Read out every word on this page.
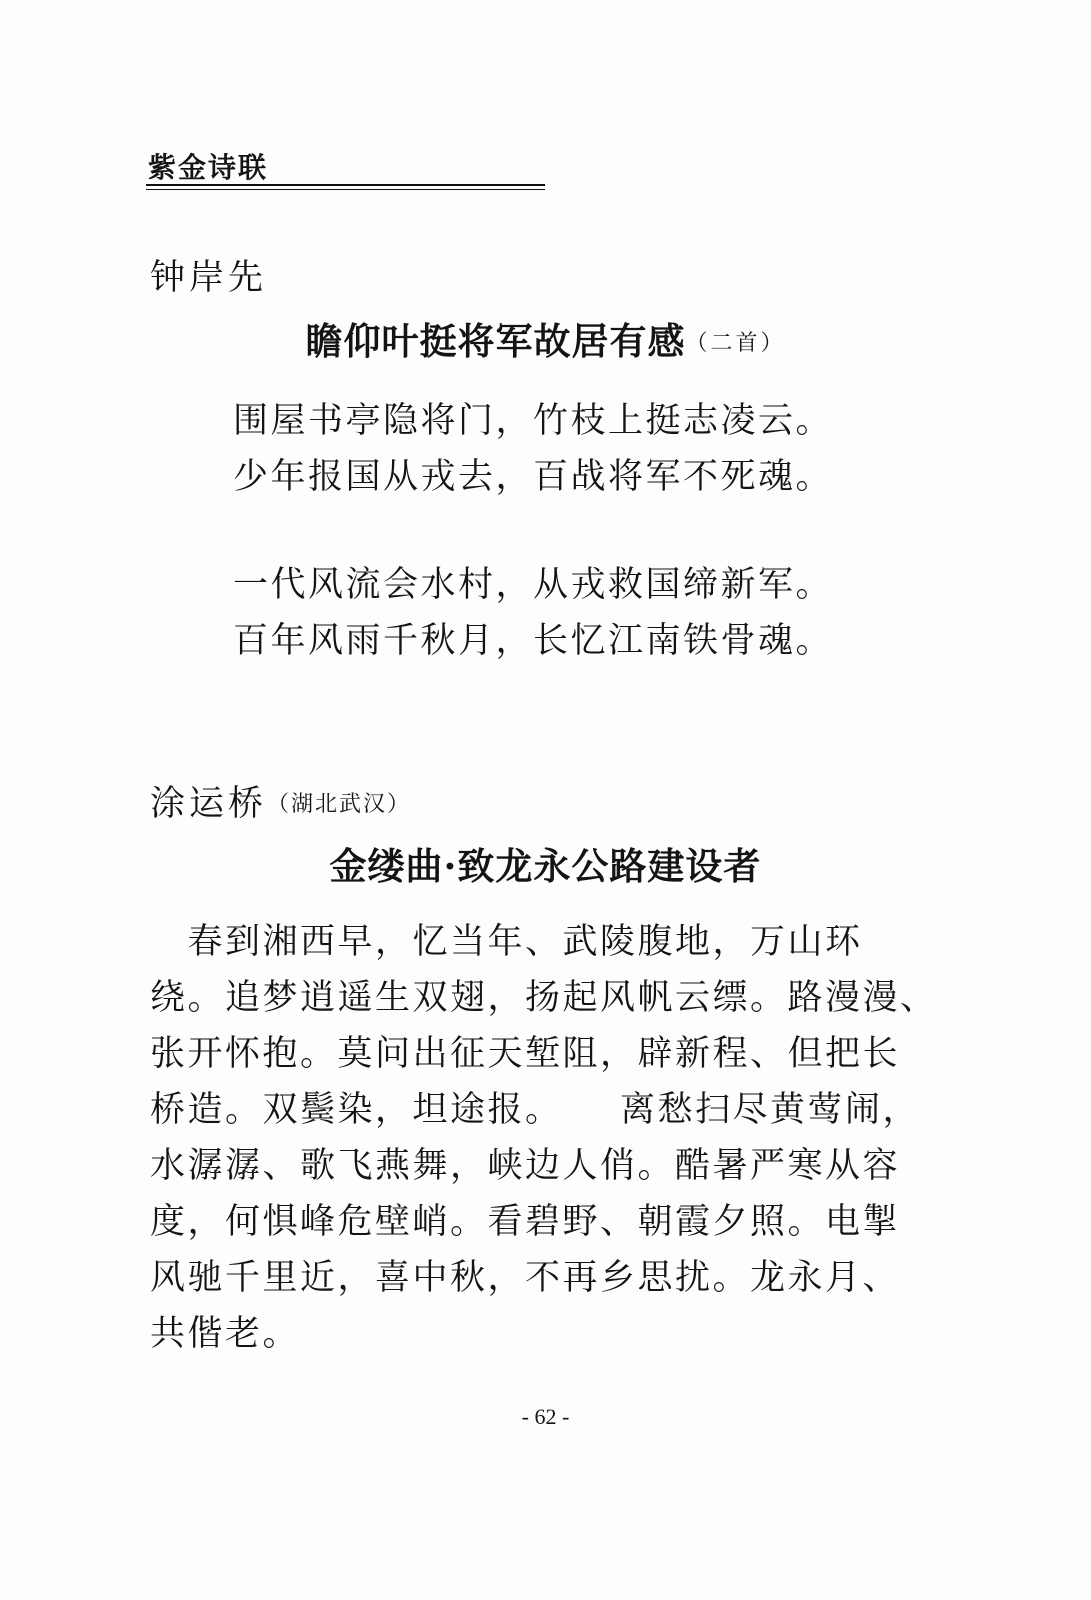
紫金诗联
钟岸先
瞻仰叶挺将军故居有感（二首）
围屋书亭隐将门，竹枝上挺志凌云。
少年报国从戎去，百战将军不死魂。
一代风流会水村，从戎救国缔新军。
百年风雨千秋月，长忆江南铁骨魂。
涂运桥（湖北武汉）
金缕曲·致龙永公路建设者
　春到湘西早，忆当年、武陵腹地，万山环
绕。追梦逍遥生双翅，扬起风帆云缥。路漫漫、
张开怀抱。莫问出征天堑阻，辟新程、但把长
桥造。双鬓染，坦途报。　　离愁扫尽黄莺闹，
水潺潺、歌飞燕舞，峡边人俏。酷暑严寒从容
度，何惧峰危壁峭。看碧野、朝霞夕照。电掣
风驰千里近，喜中秋，不再乡思扰。龙永月、
共偕老。
- 62 -
